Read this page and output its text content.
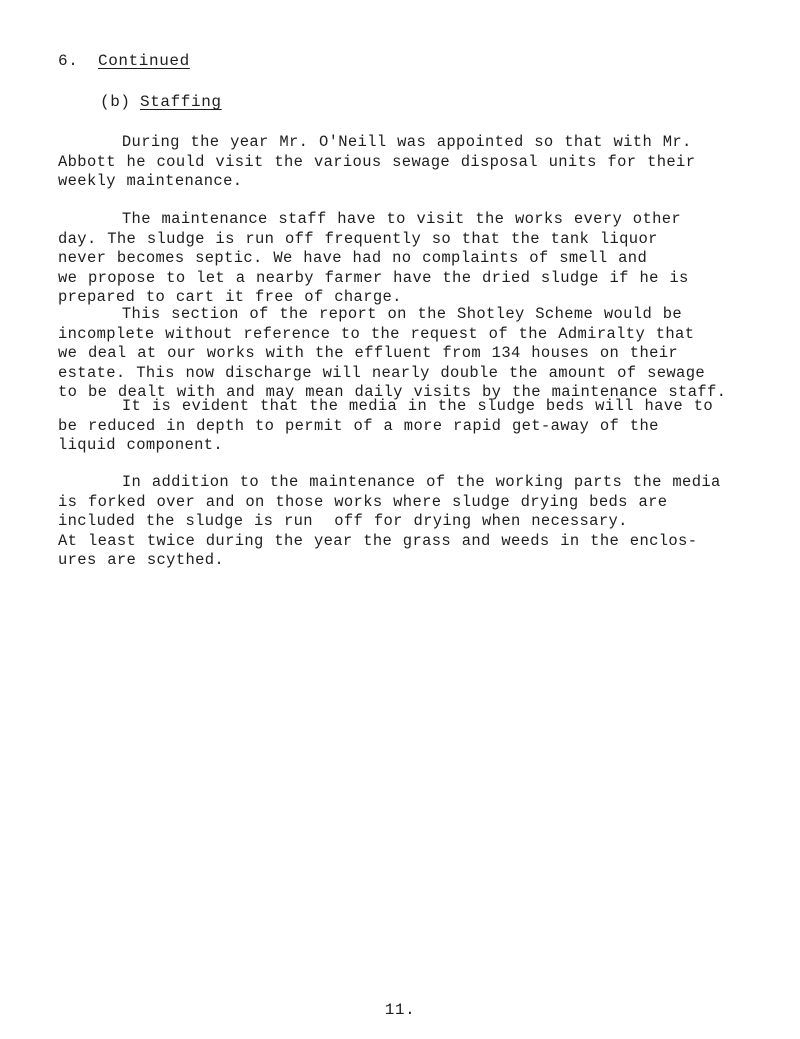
6. Continued
(b) Staffing
During the year Mr. O'Neill was appointed so that with Mr.
Abbott he could visit the various sewage disposal units for their
weekly maintenance.
The maintenance staff have to visit the works every other
day. The sludge is run off frequently so that the tank liquor
never becomes septic. We have had no complaints of smell and
we propose to let a nearby farmer have the dried sludge if he is
prepared to cart it free of charge.
This section of the report on the Shotley Scheme would be
incomplete without reference to the request of the Admiralty that
we deal at our works with the effluent from 134 houses on their
estate. This now discharge will nearly double the amount of sewage
to be dealt with and may mean daily visits by the maintenance staff.
It is evident that the media in the sludge beds will have to
be reduced in depth to permit of a more rapid get-away of the
liquid component.
In addition to the maintenance of the working parts the media
is forked over and on those works where sludge drying beds are
included the sludge is run  off for drying when necessary.
At least twice during the year the grass and weeds in the enclos-
ures are scythed.
11.
